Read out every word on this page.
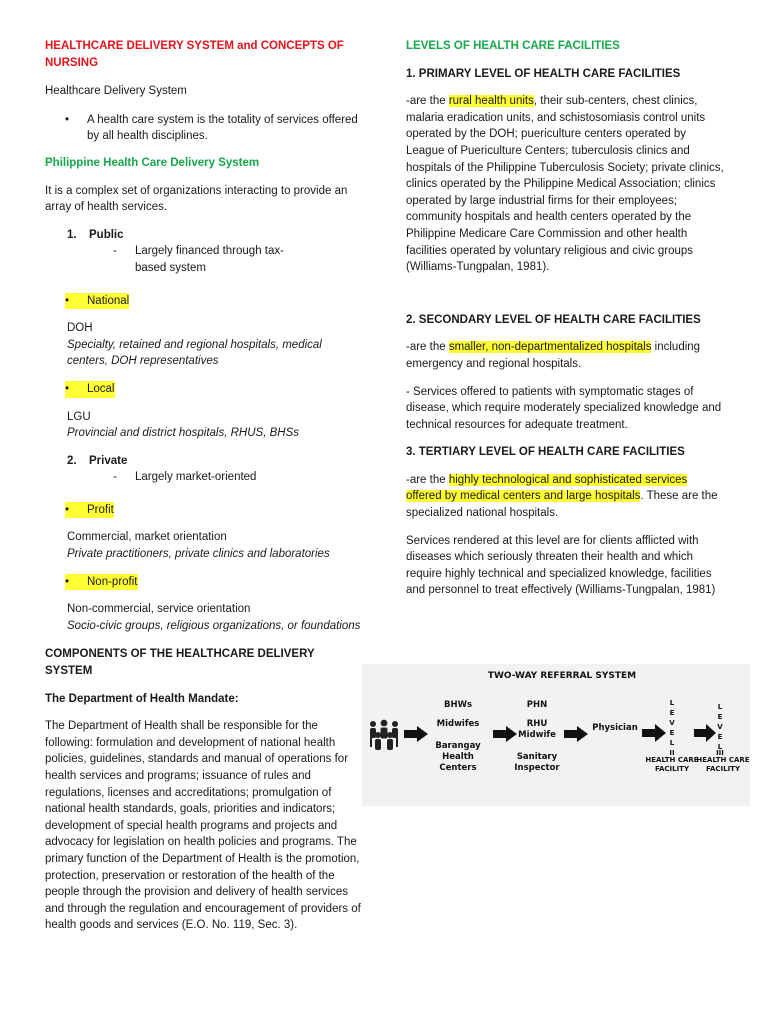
HEALTHCARE DELIVERY SYSTEM and CONCEPTS OF NURSING

Healthcare Delivery System

•	A health care system is the totality of services offered by all health disciplines.

Philippine Health Care Delivery System

It is a complex set of organizations interacting to provide an array of health services.

1.	Public
-	Largely financed through tax-based system
•	National

DOH

Specialty, retained and regional hospitals, medical centers, DOH representatives

•	Local

LGU

Provincial and district hospitals, RHUS, BHSs

2.	Private
-	Largely market-oriented
•	Profit

Commercial, market orientation

Private practitioners, private clinics and laboratories

•	Non-profit

Non-commercial, service orientation

Socio-civic groups, religious organizations, or foundations

COMPONENTS OF THE HEALTHCARE DELIVERY SYSTEM

The Department of Health Mandate:

The Department of Health shall be responsible for the following: formulation and development of national health policies, guidelines, standards and manual of operations for health services and programs; issuance of rules and regulations, licenses and accreditations; promulgation of national health standards, goals, priorities and indicators; development of special health programs and projects and advocacy for legislation on health policies and programs. The primary function of the Department of Health is the promotion, protection, preservation or restoration of the health of the people through the provision and delivery of health services and through the regulation and encouragement of providers of health goods and services (E.O. No. 119, Sec. 3).

LEVELS OF HEALTH CARE FACILITIES

1. PRIMARY LEVEL OF HEALTH CARE FACILITIES

-are the rural health units, their sub-centers, chest clinics, malaria eradication units, and schistosomiasis control units operated by the DOH; puericulture centers operated by League of Puericulture Centers; tuberculosis clinics and hospitals of the Philippine Tuberculosis Society; private clinics, clinics operated by the Philippine Medical Association; clinics operated by large industrial firms for their employees; community hospitals and health centers operated by the Philippine Medicare Care Commission and other health facilities operated by voluntary religious and civic groups (Williams-Tungpalan, 1981).

2. SECONDARY LEVEL OF HEALTH CARE FACILITIES

-are the smaller, non-departmentalized hospitals including emergency and regional hospitals.

- Services offered to patients with symptomatic stages of disease, which require moderately specialized knowledge and technical resources for adequate treatment.

3. TERTIARY LEVEL OF HEALTH CARE FACILITIES

-are the highly technological and sophisticated services offered by medical centers and large hospitals. These are the specialized national hospitals.

Services rendered at this level are for clients afflicted with diseases which seriously threaten their health and which require highly technical and specialized knowledge, facilities and personnel to treat effectively (Williams-Tungpalan, 1981)

TWO-WAY REFERRAL SYSTEM
BHWs
Midwifes
Barangay
Health
Centers
PHN
RHU
Midwife
Sanitary
Inspector
Physician
L
E
V
E
L
II
HEALTH CARE
FACILITY
L
E
V
E
L
III
HEALTH CARE
FACILITY
